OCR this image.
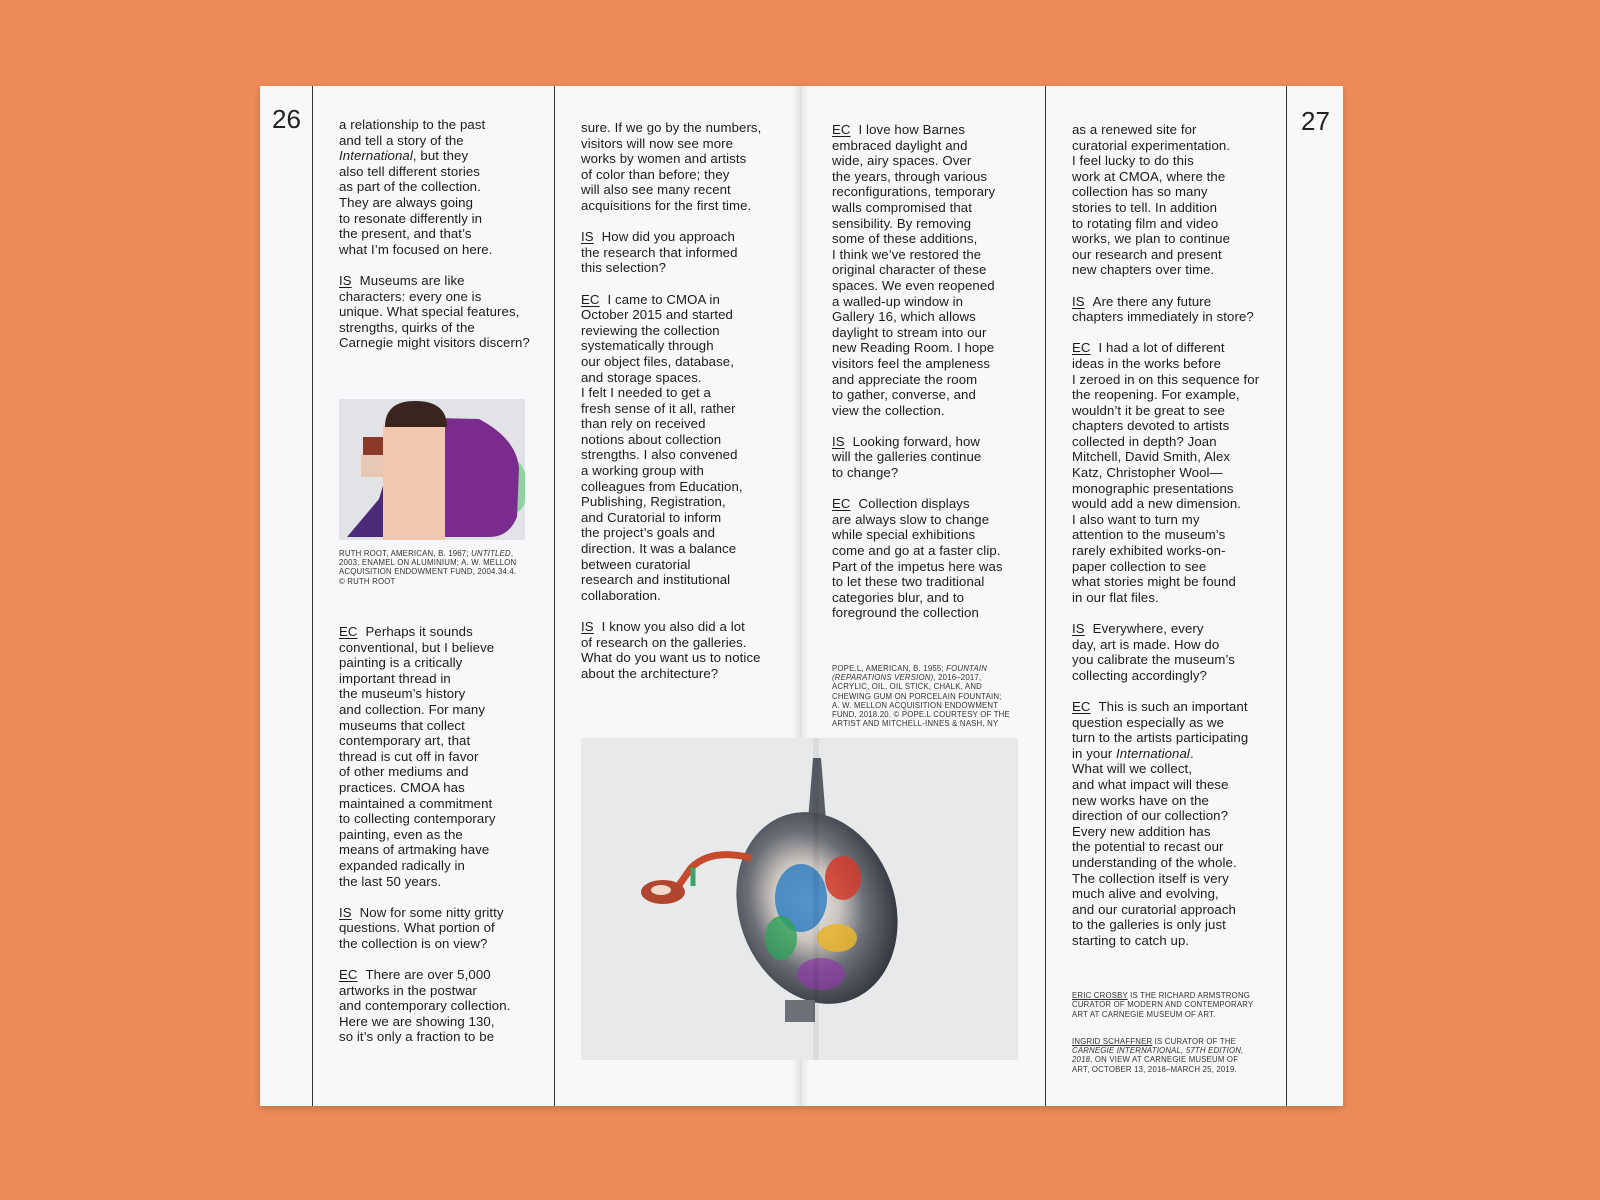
26	27

a relationship to the past
and tell a story of the
International, but they
also tell different stories
as part of the collection.
They are always going
to resonate differently in
the present, and that’s
what I’m focused on here.

IS Museums are like
characters: every one is
unique. What special features,
strengths, quirks of the
Carnegie might visitors discern?

RUTH ROOT, AMERICAN, B. 1967; UNTITLED,
2003, ENAMEL ON ALUMINIUM; A. W. MELLON
ACQUISITION ENDOWMENT FUND, 2004.34.4.
© RUTH ROOT

EC Perhaps it sounds
conventional, but I believe
painting is a critically
important thread in
the museum’s history
and collection. For many
museums that collect
contemporary art, that
thread is cut off in favor
of other mediums and
practices. CMOA has
maintained a commitment
to collecting contemporary
painting, even as the
means of artmaking have
expanded radically in
the last 50 years.

IS Now for some nitty gritty
questions. What portion of
the collection is on view?

EC There are over 5,000
artworks in the postwar
and contemporary collection.
Here we are showing 130,
so it’s only a fraction to be

sure. If we go by the numbers,
visitors will now see more
works by women and artists
of color than before; they
will also see many recent
acquisitions for the first time.

IS How did you approach
the research that informed
this selection?

EC I came to CMOA in
October 2015 and started
reviewing the collection
systematically through
our object files, database,
and storage spaces.
I felt I needed to get a
fresh sense of it all, rather
than rely on received
notions about collection
strengths. I also convened
a working group with
colleagues from Education,
Publishing, Registration,
and Curatorial to inform
the project’s goals and
direction. It was a balance
between curatorial
research and institutional
collaboration.

IS I know you also did a lot
of research on the galleries.
What do you want us to notice
about the architecture?

EC I love how Barnes
embraced daylight and
wide, airy spaces. Over
the years, through various
reconfigurations, temporary
walls compromised that
sensibility. By removing
some of these additions,
I think we’ve restored the
original character of these
spaces. We even reopened
a walled-up window in
Gallery 16, which allows
daylight to stream into our
new Reading Room. I hope
visitors feel the ampleness
and appreciate the room
to gather, converse, and
view the collection.

IS Looking forward, how
will the galleries continue
to change?

EC Collection displays
are always slow to change
while special exhibitions
come and go at a faster clip.
Part of the impetus here was
to let these two traditional
categories blur, and to
foreground the collection

POPE.L, AMERICAN, B. 1955; FOUNTAIN
(REPARATIONS VERSION), 2016–2017,
ACRYLIC, OIL, OIL STICK, CHALK, AND
CHEWING GUM ON PORCELAIN FOUNTAIN;
A. W. MELLON ACQUISITION ENDOWMENT
FUND, 2018.20. © POPE.L COURTESY OF THE
ARTIST AND MITCHELL-INNES & NASH, NY

as a renewed site for
curatorial experimentation.
I feel lucky to do this
work at CMOA, where the
collection has so many
stories to tell. In addition
to rotating film and video
works, we plan to continue
our research and present
new chapters over time.

IS Are there any future
chapters immediately in store?

EC I had a lot of different
ideas in the works before
I zeroed in on this sequence for
the reopening. For example,
wouldn’t it be great to see
chapters devoted to artists
collected in depth? Joan
Mitchell, David Smith, Alex
Katz, Christopher Wool—
monographic presentations
would add a new dimension.
I also want to turn my
attention to the museum’s
rarely exhibited works-on-
paper collection to see
what stories might be found
in our flat files.

IS Everywhere, every
day, art is made. How do
you calibrate the museum’s
collecting accordingly?

EC This is such an important
question especially as we
turn to the artists participating
in your International.
What will we collect,
and what impact will these
new works have on the
direction of our collection?
Every new addition has
the potential to recast our
understanding of the whole.
The collection itself is very
much alive and evolving,
and our curatorial approach
to the galleries is only just
starting to catch up.

ERIC CROSBY IS THE RICHARD ARMSTRONG
CURATOR OF MODERN AND CONTEMPORARY
ART AT CARNEGIE MUSEUM OF ART.

INGRID SCHAFFNER IS CURATOR OF THE
CARNEGIE INTERNATIONAL, 57TH EDITION,
2018, ON VIEW AT CARNEGIE MUSEUM OF
ART, OCTOBER 13, 2018–MARCH 25, 2019.
